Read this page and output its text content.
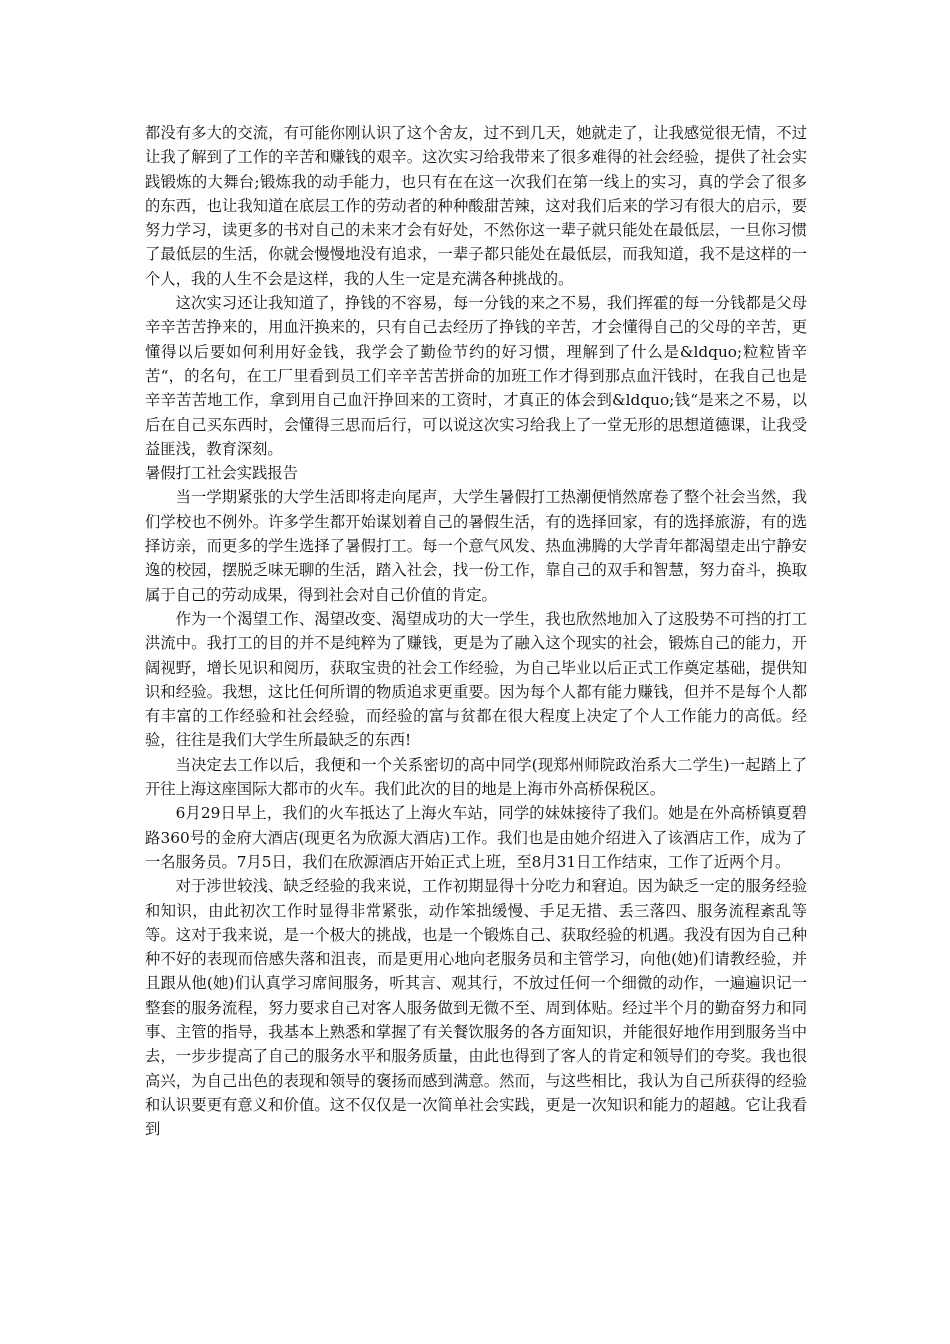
都没有多大的交流，有可能你刚认识了这个舍友，过不到几天，她就走了，让我感觉很无情，不过让我了解到了工作的辛苦和赚钱的艰辛。这次实习给我带来了很多难得的社会经验，提供了社会实践锻炼的大舞台;锻炼我的动手能力，也只有在在这一次我们在第一线上的实习，真的学会了很多的东西，也让我知道在底层工作的劳动者的种种酸甜苦辣，这对我们后来的学习有很大的启示，要努力学习，读更多的书对自己的未来才会有好处，不然你这一辈子就只能处在最低层，一旦你习惯了最低层的生活，你就会慢慢地没有追求，一辈子都只能处在最低层，而我知道，我不是这样的一个人，我的人生不会是这样，我的人生一定是充满各种挑战的。

这次实习还让我知道了，挣钱的不容易，每一分钱的来之不易，我们挥霍的每一分钱都是父母辛辛苦苦挣来的，用血汗换来的，只有自己去经历了挣钱的辛苦，才会懂得自己的父母的辛苦，更懂得以后要如何利用好金钱，我学会了勤俭节约的好习惯，理解到了什么是&ldquo;粒粒皆辛苦“，的名句，在工厂里看到员工们辛辛苦苦拼命的加班工作才得到那点血汗钱时，在我自己也是辛辛苦苦地工作，拿到用自己血汗挣回来的工资时，才真正的体会到&ldquo;钱“是来之不易，以后在自己买东西时，会懂得三思而后行，可以说这次实习给我上了一堂无形的思想道德课，让我受益匪浅，教育深刻。

暑假打工社会实践报告

当一学期紧张的大学生活即将走向尾声，大学生暑假打工热潮便悄然席卷了整个社会当然，我们学校也不例外。许多学生都开始谋划着自己的暑假生活，有的选择回家，有的选择旅游，有的选择访亲，而更多的学生选择了暑假打工。每一个意气风发、热血沸腾的大学青年都渴望走出宁静安逸的校园，摆脱乏味无聊的生活，踏入社会，找一份工作，靠自己的双手和智慧，努力奋斗，换取属于自己的劳动成果，得到社会对自己价值的肯定。

作为一个渴望工作、渴望改变、渴望成功的大一学生，我也欣然地加入了这股势不可挡的打工洪流中。我打工的目的并不是纯粹为了赚钱，更是为了融入这个现实的社会，锻炼自己的能力，开阔视野，增长见识和阅历，获取宝贵的社会工作经验，为自己毕业以后正式工作奠定基础，提供知识和经验。我想，这比任何所谓的物质追求更重要。因为每个人都有能力赚钱，但并不是每个人都有丰富的工作经验和社会经验，而经验的富与贫都在很大程度上决定了个人工作能力的高低。经验，往往是我们大学生所最缺乏的东西!

当决定去工作以后，我便和一个关系密切的高中同学(现郑州师院政治系大二学生)一起踏上了开往上海这座国际大都市的火车。我们此次的目的地是上海市外高桥保税区。

6月29日早上，我们的火车抵达了上海火车站，同学的妹妹接待了我们。她是在外高桥镇夏碧路360号的金府大酒店(现更名为欣源大酒店)工作。我们也是由她介绍进入了该酒店工作，成为了一名服务员。7月5日，我们在欣源酒店开始正式上班，至8月31日工作结束，工作了近两个月。

对于涉世较浅、缺乏经验的我来说，工作初期显得十分吃力和窘迫。因为缺乏一定的服务经验和知识，由此初次工作时显得非常紧张，动作笨拙缓慢、手足无措、丢三落四、服务流程紊乱等等。这对于我来说，是一个极大的挑战，也是一个锻炼自己、获取经验的机遇。我没有因为自己种种不好的表现而倍感失落和沮丧，而是更用心地向老服务员和主管学习，向他(她)们请教经验，并且跟从他(她)们认真学习席间服务，听其言、观其行，不放过任何一个细微的动作，一遍遍识记一整套的服务流程，努力要求自己对客人服务做到无微不至、周到体贴。经过半个月的勤奋努力和同事、主管的指导，我基本上熟悉和掌握了有关餐饮服务的各方面知识，并能很好地作用到服务当中去，一步步提高了自己的服务水平和服务质量，由此也得到了客人的肯定和领导们的夸奖。我也很高兴，为自己出色的表现和领导的褒扬而感到满意。然而，与这些相比，我认为自己所获得的经验和认识要更有意义和价值。这不仅仅是一次简单社会实践，更是一次知识和能力的超越。它让我看到
